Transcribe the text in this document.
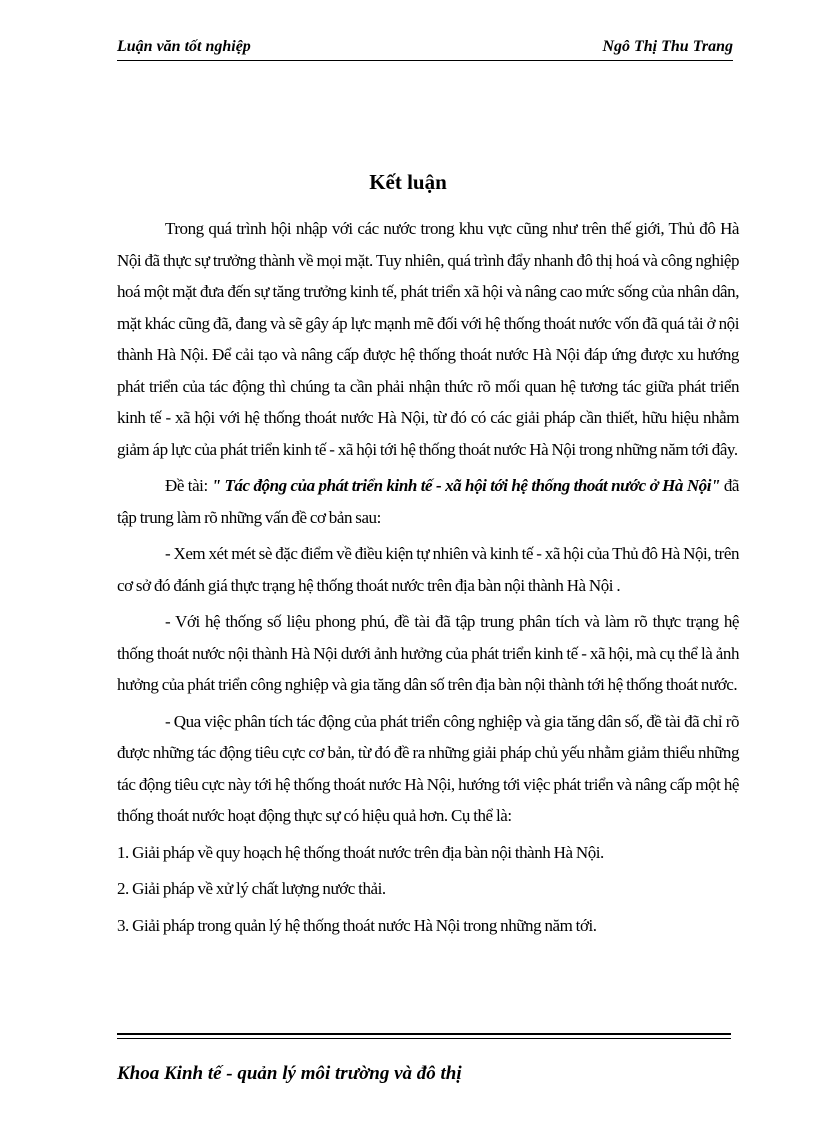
Luận văn tốt nghiệp	Ngô Thị Thu Trang
Kết luận

Trong quá trình hội nhập với các nước trong khu vực cũng như trên thế giới, Thủ đô Hà Nội đã thực sự trưởng thành về mọi mặt. Tuy nhiên, quá trình đẩy nhanh đô thị hoá và công nghiệp hoá một mặt đưa đến sự tăng trưởng kinh tế, phát triển xã hội và nâng cao mức sống của nhân dân, mặt khác cũng đã, đang và sẽ gây áp lực mạnh mẽ đối với hệ thống thoát nước vốn đã quá tải ở nội thành Hà Nội. Để cải tạo và nâng cấp được hệ thống thoát nước Hà Nội đáp ứng được xu hướng phát triển của tác động thì chúng ta cần phải nhận thức rõ mối quan hệ tương tác giữa phát triển kinh tế - xã hội với hệ thống thoát nước Hà Nội, từ đó có các giải pháp cần thiết, hữu hiệu nhằm giảm áp lực của phát triển kinh tế - xã hội tới hệ thống thoát nước Hà Nội trong những năm tới đây.

Đề tài: " Tác động của phát triển kinh tế - xã hội tới hệ thống thoát nước ở Hà Nội" đã tập trung làm rõ những vấn đề cơ bản sau:

- Xem xét mét sè đặc điểm về điều kiện tự nhiên và kinh tế - xã hội của Thủ đô Hà Nội, trên cơ sở đó đánh giá thực trạng hệ thống thoát nước trên địa bàn nội thành Hà Nội .

- Với hệ thống số liệu phong phú, đề tài đã tập trung phân tích và làm rõ thực trạng hệ thống thoát nước nội thành Hà Nội dưới ảnh hưởng của phát triển kinh tế - xã hội, mà cụ thể là ảnh hưởng của phát triển công nghiệp và gia tăng dân số trên địa bàn nội thành tới hệ thống thoát nước.

- Qua việc phân tích tác động của phát triển công nghiệp và gia tăng dân số, đề tài đã chỉ rõ được những tác động tiêu cực cơ bản, từ đó đề ra những giải pháp chủ yếu nhằm giảm thiểu những tác động tiêu cực này tới hệ thống thoát nước Hà Nội, hướng tới việc phát triển và nâng cấp một hệ thống thoát nước hoạt động thực sự có hiệu quả hơn. Cụ thể là:

1. Giải pháp về quy hoạch hệ thống thoát nước trên địa bàn nội thành Hà Nội.

2. Giải pháp về xử lý chất lượng nước thải.

3. Giải pháp trong quản lý hệ thống thoát nước Hà Nội trong những năm tới.

Khoa Kinh tế - quản lý môi trường và đô thị
